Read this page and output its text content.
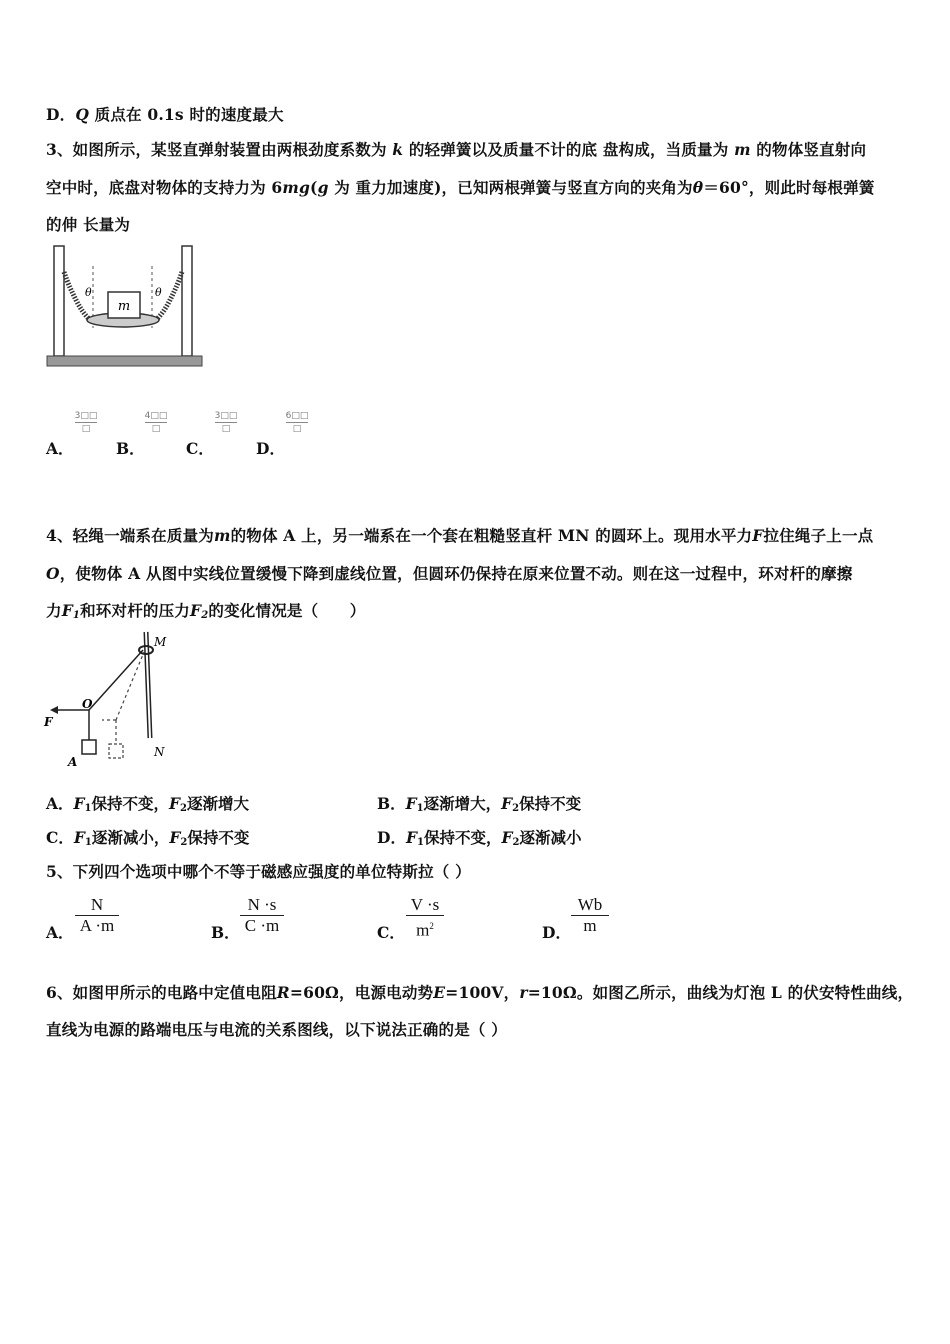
D．Q 质点在 0.1s 时的速度最大
3、如图所示，某竖直弹射装置由两根劲度系数为 k 的轻弹簧以及质量不计的底 盘构成，当质量为 m 的物体竖直射向
空中时，底盘对物体的支持力为 6mg(g 为 重力加速度)，已知两根弹簧与竖直方向的夹角为θ＝60°，则此时每根弹簧
的伸 长量为
m
θ	θ
A．
3□□
□
B．
4□□
□
C．
3□□
□
D．
6□□
□
4、轻绳一端系在质量为m的物体 A 上，另一端系在一个套在粗糙竖直杆 MN 的圆环上。现用水平力F拉住绳子上一点
O，使物体 A 从图中实线位置缓慢下降到虚线位置，但圆环仍保持在原来位置不动。则在这一过程中，环对杆的摩擦
力$F_1$和环对杆的压力$F_2$的变化情况是（　　）
M
N
O
F
A
A．$F_1$保持不变，$F_2$逐渐增大	B．$F_1$逐渐增大，$F_2$保持不变
C．$F_1$逐渐减小，$F_2$保持不变	D．$F_1$保持不变，$F_2$逐渐减小
5、下列四个选项中哪个不等于磁感应强度的单位特斯拉（ ）
A． $\frac{N}{A \cdot m}$	B． $\frac{N \cdot s}{C \cdot m}$	C． $\frac{V \cdot s}{m^2}$	D． $\frac{Wb}{m}$
6、如图甲所示的电路中定值电阻R=60Ω，电源电动势E=100V，r=10Ω。如图乙所示，曲线为灯泡 L 的伏安特性曲线，
直线为电源的路端电压与电流的关系图线，以下说法正确的是（ ）
